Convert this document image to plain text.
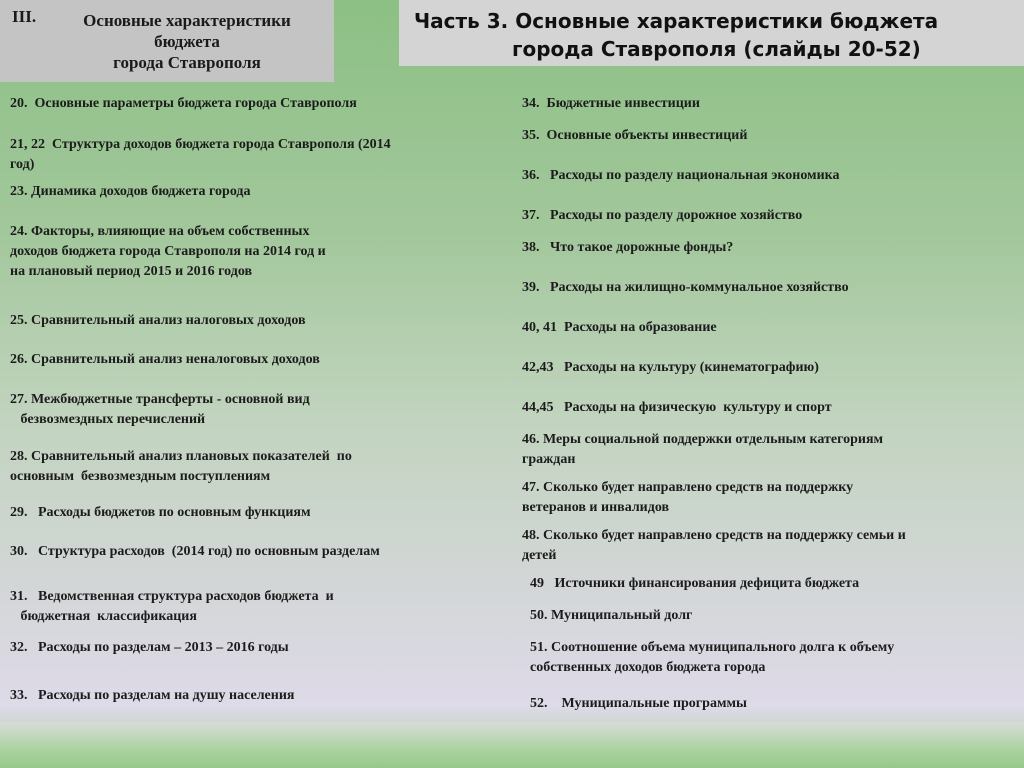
III.	Основные характеристики
бюджета
города Ставрополя
Часть 3. Основные характеристики бюджета
города Ставрополя (слайды 20-52)

20.  Основные параметры бюджета города Ставрополя

21, 22  Структура доходов бюджета города Ставрополя (2014
год)

23. Динамика доходов бюджета города

24. Факторы, влияющие на объем собственных
доходов бюджета города Ставрополя на 2014 год и
на плановый период 2015 и 2016 годов

25. Сравнительный анализ налоговых доходов

26. Сравнительный анализ неналоговых доходов

27. Межбюджетные трансферты - основной вид
безвозмездных перечислений

28. Сравнительный анализ плановых показателей  по
основным  безвозмездным поступлениям

29.   Расходы бюджетов по основным функциям

30.   Структура расходов  (2014 год) по основным разделам

31.   Ведомственная структура расходов бюджета  и
бюджетная  классификация

32.   Расходы по разделам – 2013 – 2016 годы

33.   Расходы по разделам на душу населения

34.  Бюджетные инвестиции

35.  Основные объекты инвестиций

36.   Расходы по разделу национальная экономика

37.   Расходы по разделу дорожное хозяйство

38.   Что такое дорожные фонды?

39.   Расходы на жилищно-коммунальное хозяйство

40, 41  Расходы на образование

42,43   Расходы на культуру (кинематографию)

44,45   Расходы на физическую  культуру и спорт

46. Меры социальной поддержки отдельным категориям
граждан

47. Сколько будет направлено средств на поддержку
ветеранов и инвалидов

48. Сколько будет направлено средств на поддержку семьи и
детей

49   Источники финансирования дефицита бюджета

50. Муниципальный долг

51. Соотношение объема муниципального долга к объему
собственных доходов бюджета города

52.    Муниципальные программы
